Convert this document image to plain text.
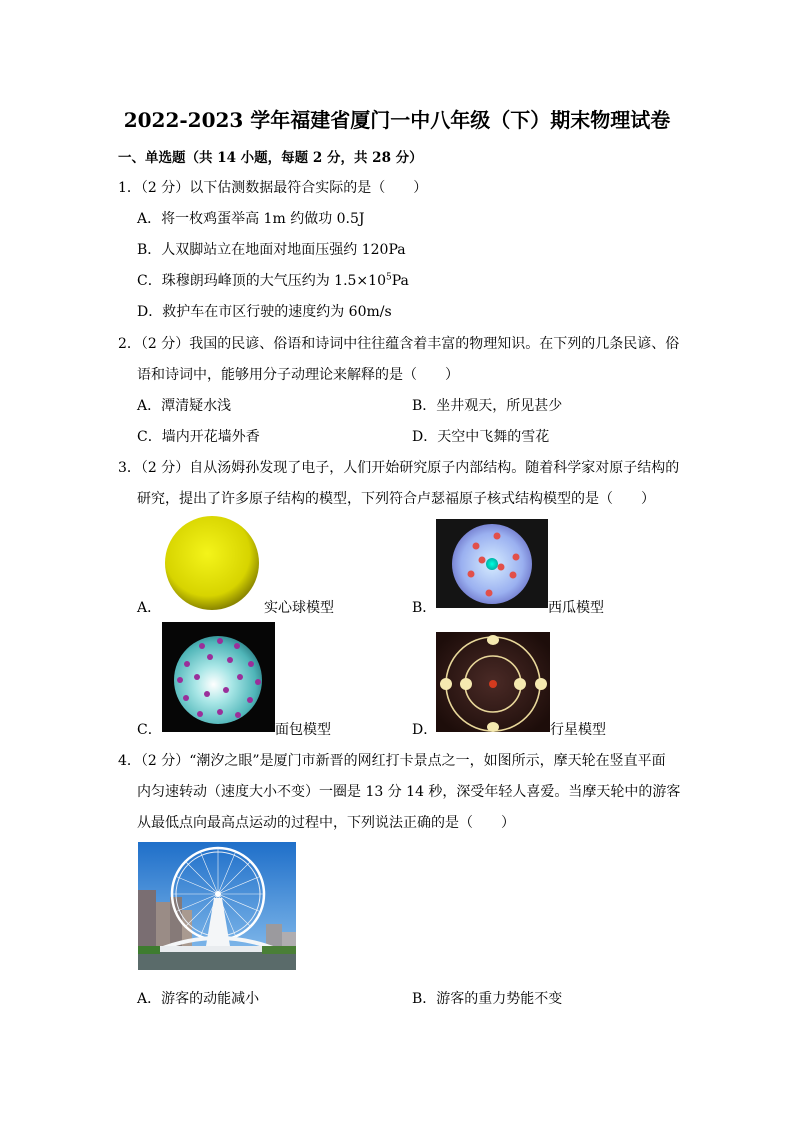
2022-2023 学年福建省厦门一中八年级（下）期末物理试卷
一、单选题（共 14 小题，每题 2 分，共 28 分）
1．（2 分）以下估测数据最符合实际的是（　　）
A．将一枚鸡蛋举高 1m 约做功 0.5J
B．人双脚站立在地面对地面压强约 120Pa
C．珠穆朗玛峰顶的大气压约为 $1.5\times 10^5Pa$
D．救护车在市区行驶的速度约为 60m/s
2．（2 分）我国的民谚、俗语和诗词中往往蕴含着丰富的物理知识。在下列的几条民谚、俗
语和诗词中，能够用分子动理论来解释的是（　　）
A．潭清疑水浅	B．坐井观天，所见甚少
C．墙内开花墙外香	D．天空中飞舞的雪花
3．（2 分）自从汤姆孙发现了电子，人们开始研究原子内部结构。随着科学家对原子结构的
研究，提出了许多原子结构的模型，下列符合卢瑟福原子核式结构模型的是（　　）
A．	实心球模型	B．	西瓜模型
C．	面包模型	D．	行星模型
4．（2 分）“潮汐之眼”是厦门市新晋的网红打卡景点之一，如图所示，摩天轮在竖直平面
内匀速转动（速度大小不变）一圈是 13 分 14 秒，深受年轻人喜爱。当摩天轮中的游客
从最低点向最高点运动的过程中，下列说法正确的是（　　）
A．游客的动能减小	B．游客的重力势能不变
